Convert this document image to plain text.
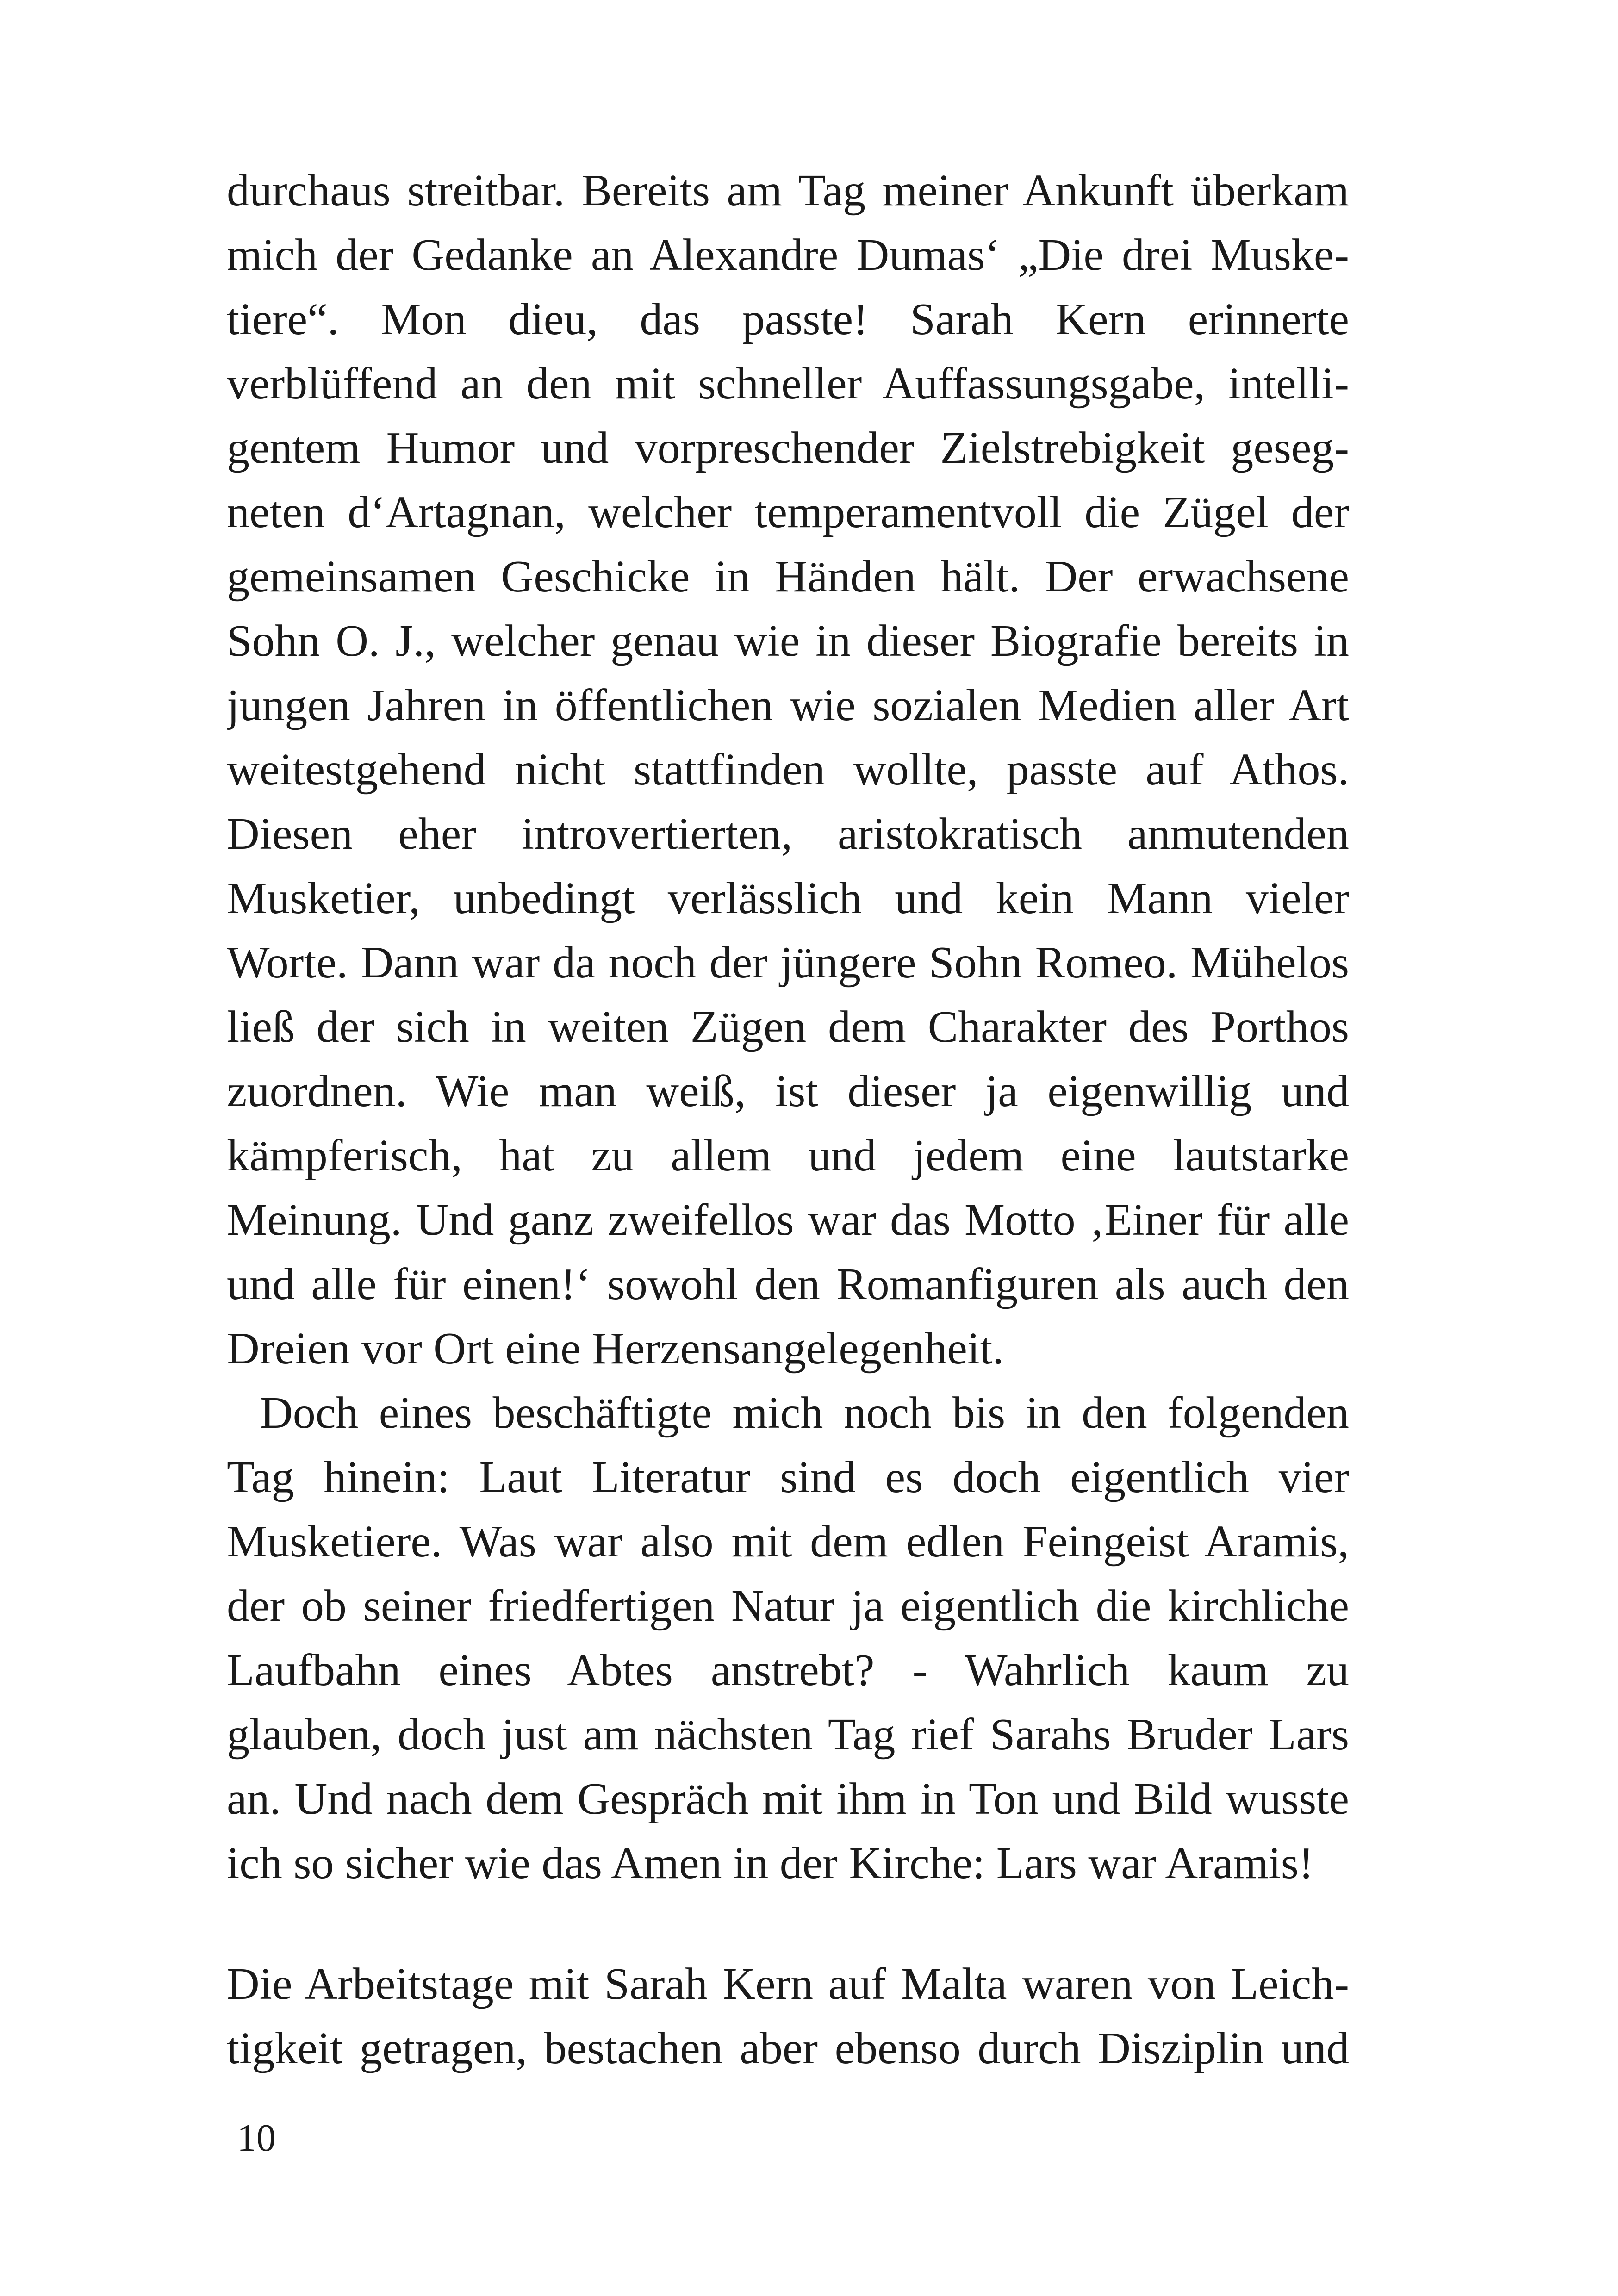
durchaus streitbar. Bereits am Tag meiner Ankunft überkam
mich der Gedanke an Alexandre Dumas‘ „Die drei Muske-
tiere“. Mon dieu, das passte! Sarah Kern erinnerte
verblüffend an den mit schneller Auffassungsgabe, intelli-
gentem Humor und vorpreschender Zielstrebigkeit geseg-
neten d‘Artagnan, welcher temperamentvoll die Zügel der
gemeinsamen Geschicke in Händen hält. Der erwachsene
Sohn O. J., welcher genau wie in dieser Biografie bereits in
jungen Jahren in öffentlichen wie sozialen Medien aller Art
weitestgehend nicht stattfinden wollte, passte auf Athos.
Diesen eher introvertierten, aristokratisch anmutenden
Musketier, unbedingt verlässlich und kein Mann vieler
Worte. Dann war da noch der jüngere Sohn Romeo. Mühelos
ließ der sich in weiten Zügen dem Charakter des Porthos
zuordnen. Wie man weiß, ist dieser ja eigenwillig und
kämpferisch, hat zu allem und jedem eine lautstarke
Meinung. Und ganz zweifellos war das Motto ‚Einer für alle
und alle für einen!‘ sowohl den Romanfiguren als auch den
Dreien vor Ort eine Herzensangelegenheit.
Doch eines beschäftigte mich noch bis in den folgenden
Tag hinein: Laut Literatur sind es doch eigentlich vier
Musketiere. Was war also mit dem edlen Feingeist Aramis,
der ob seiner friedfertigen Natur ja eigentlich die kirchliche
Laufbahn eines Abtes anstrebt? - Wahrlich kaum zu
glauben, doch just am nächsten Tag rief Sarahs Bruder Lars
an. Und nach dem Gespräch mit ihm in Ton und Bild wusste
ich so sicher wie das Amen in der Kirche: Lars war Aramis!
Die Arbeitstage mit Sarah Kern auf Malta waren von Leich-
tigkeit getragen, bestachen aber ebenso durch Disziplin und
10
